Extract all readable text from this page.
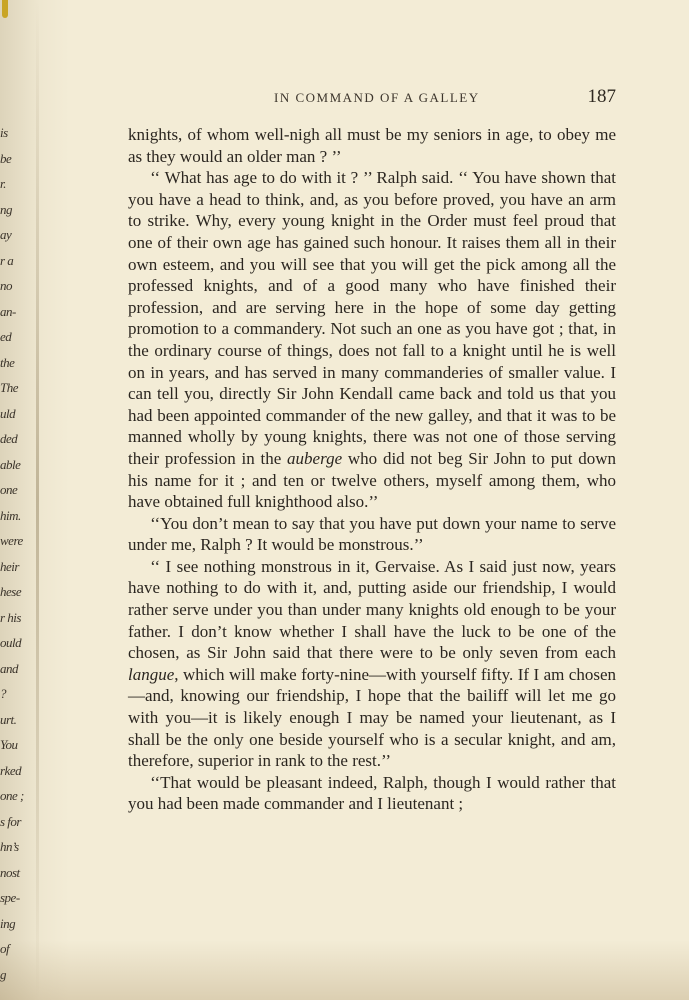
is
be
r.
ng
ay
r a
no
an-
ed
the
The
uld
ded
able
one
him.
were
heir
hese
r his
ould
and
?
urt.
You
rked
one ;
s for
hn’s
nost
spe-
ing
of
g
IN COMMAND OF A GALLEY	187

knights, of whom well-nigh all must be my seniors in age, to obey me as they would an older man ? ’’

‘‘ What has age to do with it ? ’’ Ralph said. ‘‘ You have shown that you have a head to think, and, as you before proved, you have an arm to strike. Why, every young knight in the Order must feel proud that one of their own age has gained such honour. It raises them all in their own esteem, and you will see that you will get the pick among all the professed knights, and of a good many who have finished their profession, and are serving here in the hope of some day getting promotion to a commandery. Not such an one as you have got ; that, in the ordinary course of things, does not fall to a knight until he is well on in years, and has served in many commanderies of smaller value. I can tell you, directly Sir John Kendall came back and told us that you had been appointed commander of the new galley, and that it was to be manned wholly by young knights, there was not one of those serving their profession in the auberge who did not beg Sir John to put down his name for it ; and ten or twelve others, myself among them, who have obtained full knighthood also.’’

‘‘You don’t mean to say that you have put down your name to serve under me, Ralph ? It would be monstrous.’’

‘‘ I see nothing monstrous in it, Gervaise. As I said just now, years have nothing to do with it, and, putting aside our friendship, I would rather serve under you than under many knights old enough to be your father. I don’t know whether I shall have the luck to be one of the chosen, as Sir John said that there were to be only seven from each langue, which will make forty-nine—with yourself fifty. If I am chosen—and, knowing our friendship, I hope that the bailiff will let me go with you—it is likely enough I may be named your lieutenant, as I shall be the only one beside yourself who is a secular knight, and am, therefore, superior in rank to the rest.’’

‘‘That would be pleasant indeed, Ralph, though I would rather that you had been made commander and I lieutenant ;
